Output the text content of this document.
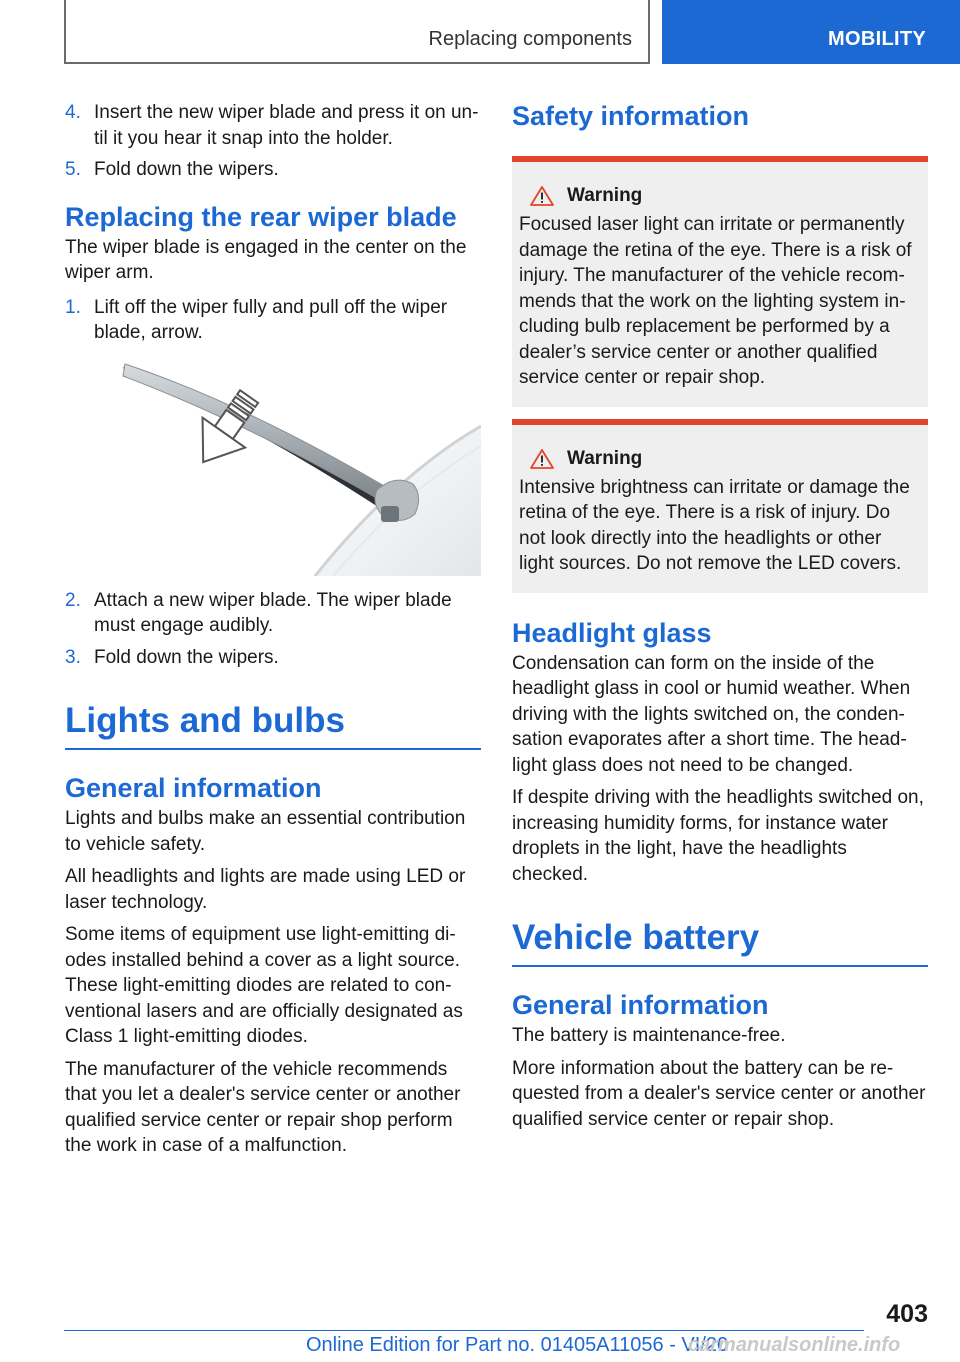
Replacing components	MOBILITY
4. Insert the new wiper blade and press it on un-til it you hear it snap into the holder.
5. Fold down the wipers.
Replacing the rear wiper blade

The wiper blade is engaged in the center on the wiper arm.

1. Lift off the wiper fully and pull off the wiper blade, arrow.
2. Attach a new wiper blade. The wiper blade must engage audibly.
3. Fold down the wipers.
Lights and bulbs
General information

Lights and bulbs make an essential contribution to vehicle safety.

All headlights and lights are made using LED or laser technology.

Some items of equipment use light-emitting di-odes installed behind a cover as a light source. These light-emitting diodes are related to con-ventional lasers and are officially designated as Class 1 light-emitting diodes.

The manufacturer of the vehicle recommends that you let a dealer's service center or another qualified service center or repair shop perform the work in case of a malfunction.

Safety information
Warning

Focused laser light can irritate or permanently damage the retina of the eye. There is a risk of injury. The manufacturer of the vehicle recom-mends that the work on the lighting system in-cluding bulb replacement be performed by a dealer’s service center or another qualified service center or repair shop.

Warning

Intensive brightness can irritate or damage the retina of the eye. There is a risk of injury. Do not look directly into the headlights or other light sources. Do not remove the LED covers.

Headlight glass

Condensation can form on the inside of the headlight glass in cool or humid weather. When driving with the lights switched on, the conden-sation evaporates after a short time. The head-light glass does not need to be changed.

If despite driving with the headlights switched on, increasing humidity forms, for instance water droplets in the light, have the headlights checked.

Vehicle battery
General information

The battery is maintenance-free.

More information about the battery can be re-quested from a dealer's service center or another qualified service center or repair shop.

403
Online Edition for Part no. 01405A11056 - VI/20
carmanualsonline.info
